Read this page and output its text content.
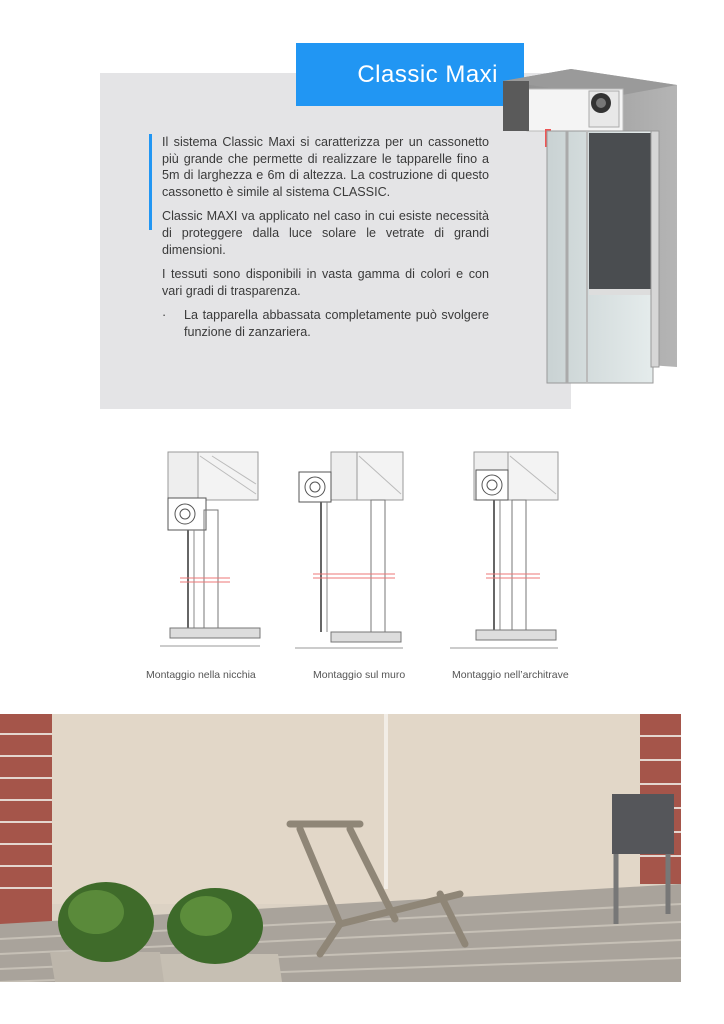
Classic Maxi

Il sistema Classic Maxi si caratterizza per un cassonetto più grande che permette di realizzare le tapparelle fino a 5m di larghezza e 6m di altezza. La costruzione di questo cassonetto è simile al sistema CLASSIC.

Classic MAXI va applicato nel caso in cui esiste necessità di proteggere dalla luce solare le vetrate di grandi dimensioni.

I tessuti sono disponibili in vasta gamma di colori e con vari gradi di trasparenza.

·	La tapparella abbassata completamente può svolgere funzione di zanzariera.
Montaggio nella nicchia	Montaggio sul muro	Montaggio nell’architrave
